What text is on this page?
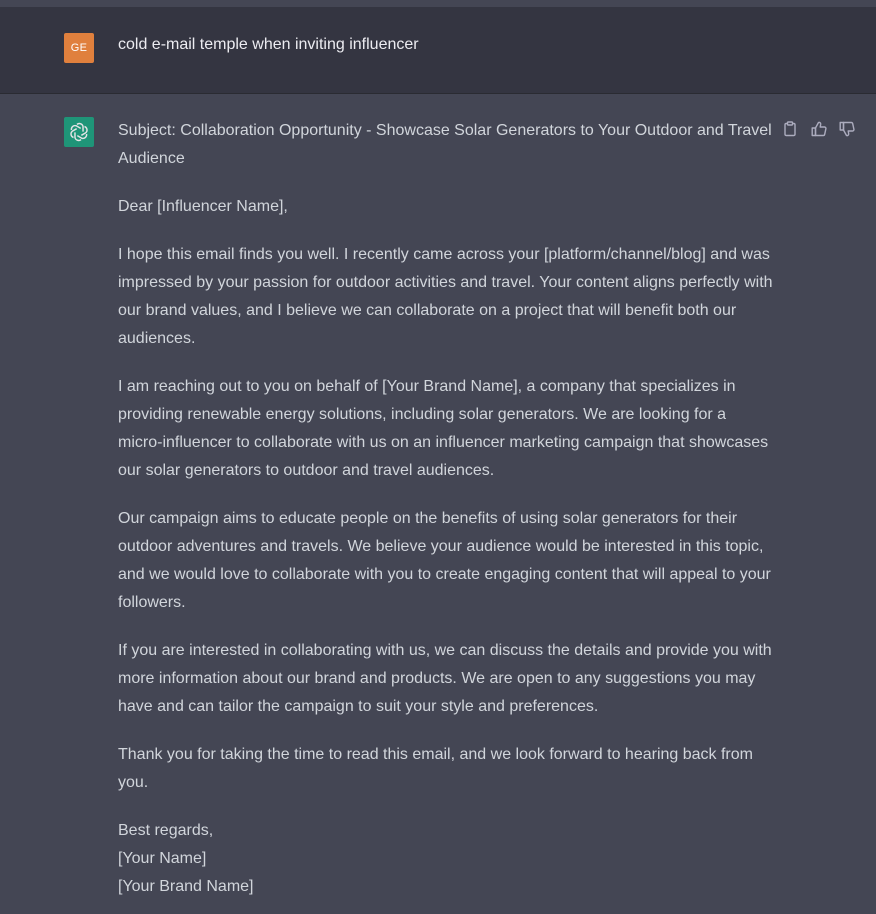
GE	cold e-mail temple when inviting influencer

Subject: Collaboration Opportunity - Showcase Solar Generators to Your Outdoor and Travel Audience

Dear [Influencer Name],

I hope this email finds you well. I recently came across your [platform/channel/blog] and was impressed by your passion for outdoor activities and travel. Your content aligns perfectly with our brand values, and I believe we can collaborate on a project that will benefit both our audiences.

I am reaching out to you on behalf of [Your Brand Name], a company that specializes in providing renewable energy solutions, including solar generators. We are looking for a micro-influencer to collaborate with us on an influencer marketing campaign that showcases our solar generators to outdoor and travel audiences.

Our campaign aims to educate people on the benefits of using solar generators for their outdoor adventures and travels. We believe your audience would be interested in this topic, and we would love to collaborate with you to create engaging content that will appeal to your followers.

If you are interested in collaborating with us, we can discuss the details and provide you with more information about our brand and products. We are open to any suggestions you may have and can tailor the campaign to suit your style and preferences.

Thank you for taking the time to read this email, and we look forward to hearing back from you.

Best regards,
[Your Name]
[Your Brand Name]
